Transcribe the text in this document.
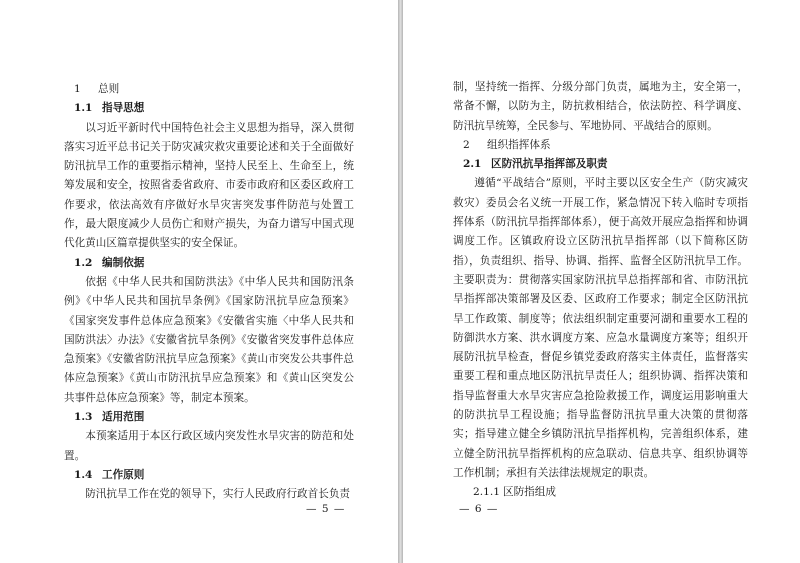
1 总则

1.1 指导思想

以习近平新时代中国特色社会主义思想为指导，深入贯彻落实习近平总书记关于防灾减灾救灾重要论述和关于全面做好防汛抗旱工作的重要指示精神，坚持人民至上、生命至上，统筹发展和安全，按照省委省政府、市委市政府和区委区政府工作要求，依法高效有序做好水旱灾害突发事件防范与处置工作，最大限度减少人员伤亡和财产损失，为奋力谱写中国式现代化黄山区篇章提供坚实的安全保证。

1.2 编制依据

依据《中华人民共和国防洪法》《中华人民共和国防汛条例》《中华人民共和国抗旱条例》《国家防汛抗旱应急预案》《国家突发事件总体应急预案》《安徽省实施〈中华人民共和国防洪法〉办法》《安徽省抗旱条例》《安徽省突发事件总体应急预案》《安徽省防汛抗旱应急预案》《黄山市突发公共事件总体应急预案》《黄山市防汛抗旱应急预案》和《黄山区突发公共事件总体应急预案》等，制定本预案。

1.3 适用范围

本预案适用于本区行政区域内突发性水旱灾害的防范和处置。

1.4 工作原则

防汛抗旱工作在党的领导下，实行人民政府行政首长负责

— 5 —

制，坚持统一指挥、分级分部门负责，属地为主，安全第一，常备不懈，以防为主，防抗救相结合，依法防控、科学调度、防汛抗旱统筹，全民参与、军地协同、平战结合的原则。

2 组织指挥体系

2.1 区防汛抗旱指挥部及职责

遵循“平战结合”原则，平时主要以区安全生产（防灾减灾救灾）委员会名义统一开展工作，紧急情况下转入临时专项指挥体系（防汛抗旱指挥部体系），便于高效开展应急指挥和协调调度工作。区镇政府设立区防汛抗旱指挥部（以下简称区防指），负责组织、指导、协调、指挥、监督全区防汛抗旱工作。主要职责为：贯彻落实国家防汛抗旱总指挥部和省、市防汛抗旱指挥部决策部署及区委、区政府工作要求；制定全区防汛抗旱工作政策、制度等；依法组织制定重要河湖和重要水工程的防御洪水方案、洪水调度方案、应急水量调度方案等；组织开展防汛抗旱检查，督促乡镇党委政府落实主体责任，监督落实重要工程和重点地区防汛抗旱责任人；组织协调、指挥决策和指导监督重大水旱灾害应急抢险救援工作，调度运用影响重大的防洪抗旱工程设施；指导监督防汛抗旱重大决策的贯彻落实；指导建立健全乡镇防汛抗旱指挥机构，完善组织体系，建立健全防汛抗旱指挥机构的应急联动、信息共享、组织协调等工作机制；承担有关法律法规规定的职责。

2.1.1 区防指组成

— 6 —
